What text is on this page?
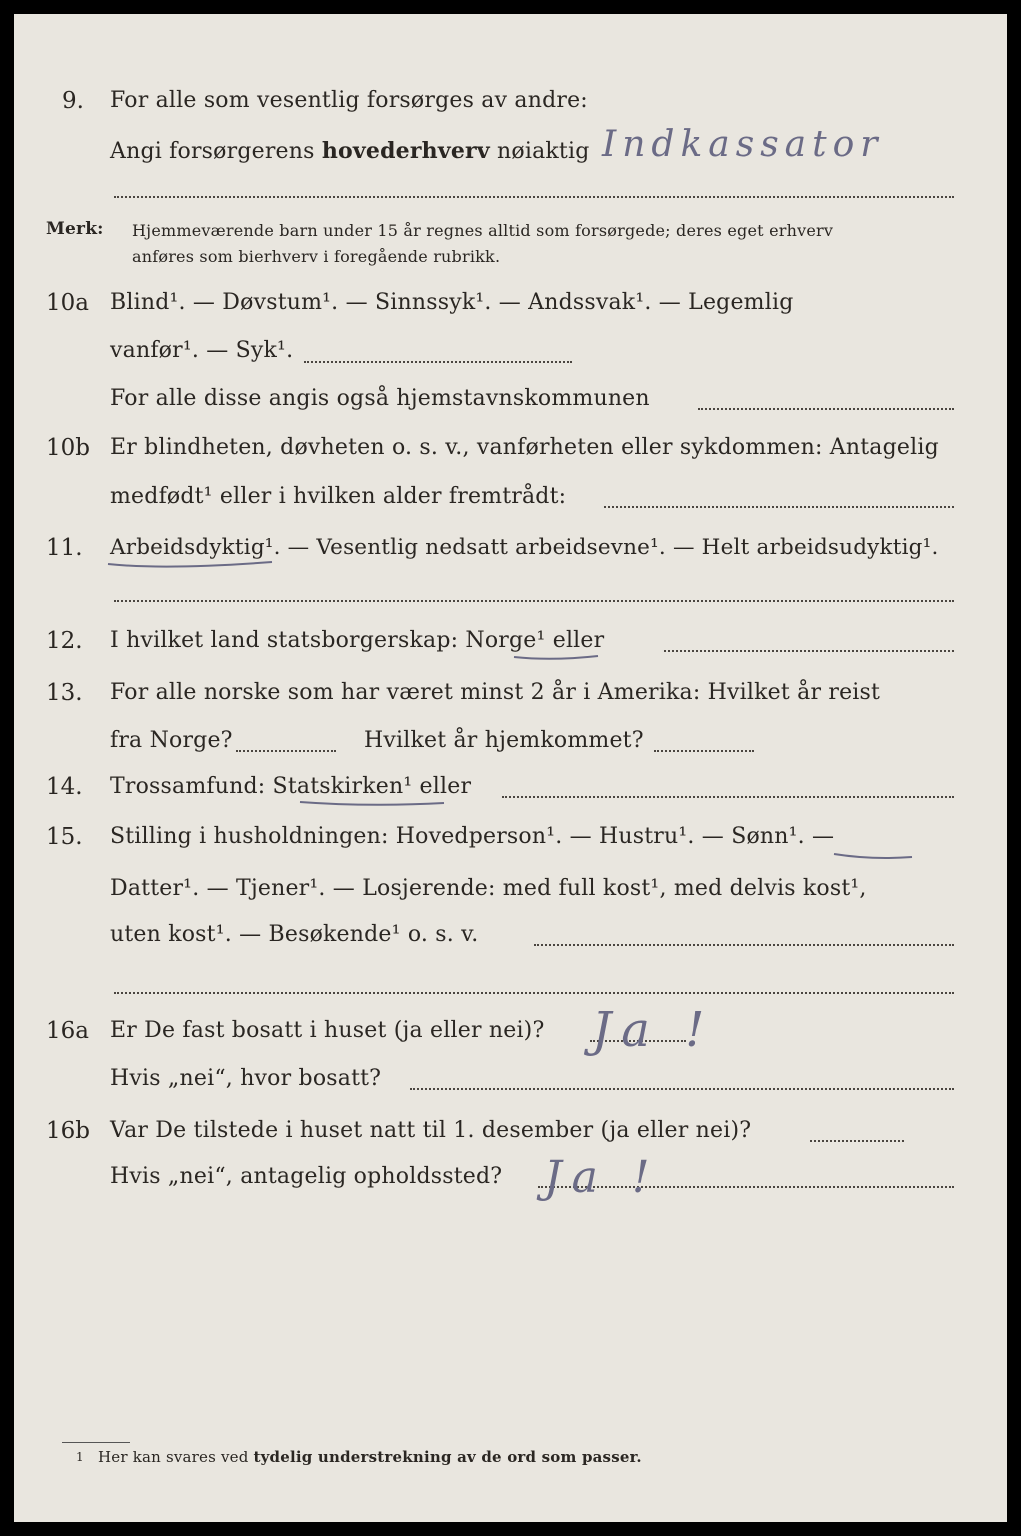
9. For alle som vesentlig forsørges av andre:
Angi forsørgerens hovederhverv nøiaktig Indkassator
Merk: Hjemmeværende barn under 15 år regnes alltid som forsørgede; deres eget erhverv
anføres som bierhverv i foregående rubrikk.
10a Blind¹. — Døvstum¹. — Sinnssyk¹. — Andssvak¹. — Legemlig
vanfør¹. — Syk¹.
For alle disse angis også hjemstavnskommunen
10b Er blindheten, døvheten o. s. v., vanførheten eller sykdommen: Antagelig
medfødt¹ eller i hvilken alder fremtrådt:
11. Arbeidsdyktig¹. — Vesentlig nedsatt arbeidsevne¹. — Helt arbeidsudyktig¹.
12. I hvilket land statsborgerskap: Norge¹ eller
13. For alle norske som har været minst 2 år i Amerika: Hvilket år reist
fra Norge?	Hvilket år hjemkommet?
14. Trossamfund: Statskirken¹ eller
15. Stilling i husholdningen: Hovedperson¹. — Hustru¹. — Sønn¹. —
Datter¹. — Tjener¹. — Losjerende: med full kost¹, med delvis kost¹,
uten kost¹. — Besøkende¹ o. s. v.
16a Er De fast bosatt i huset (ja eller nei)? Ja !
Hvis „nei“, hvor bosatt?
16b Var De tilstede i huset natt til 1. desember (ja eller nei)?
Hvis „nei“, antagelig opholdssted? Ja !
1 Her kan svares ved tydelig understrekning av de ord som passer.
